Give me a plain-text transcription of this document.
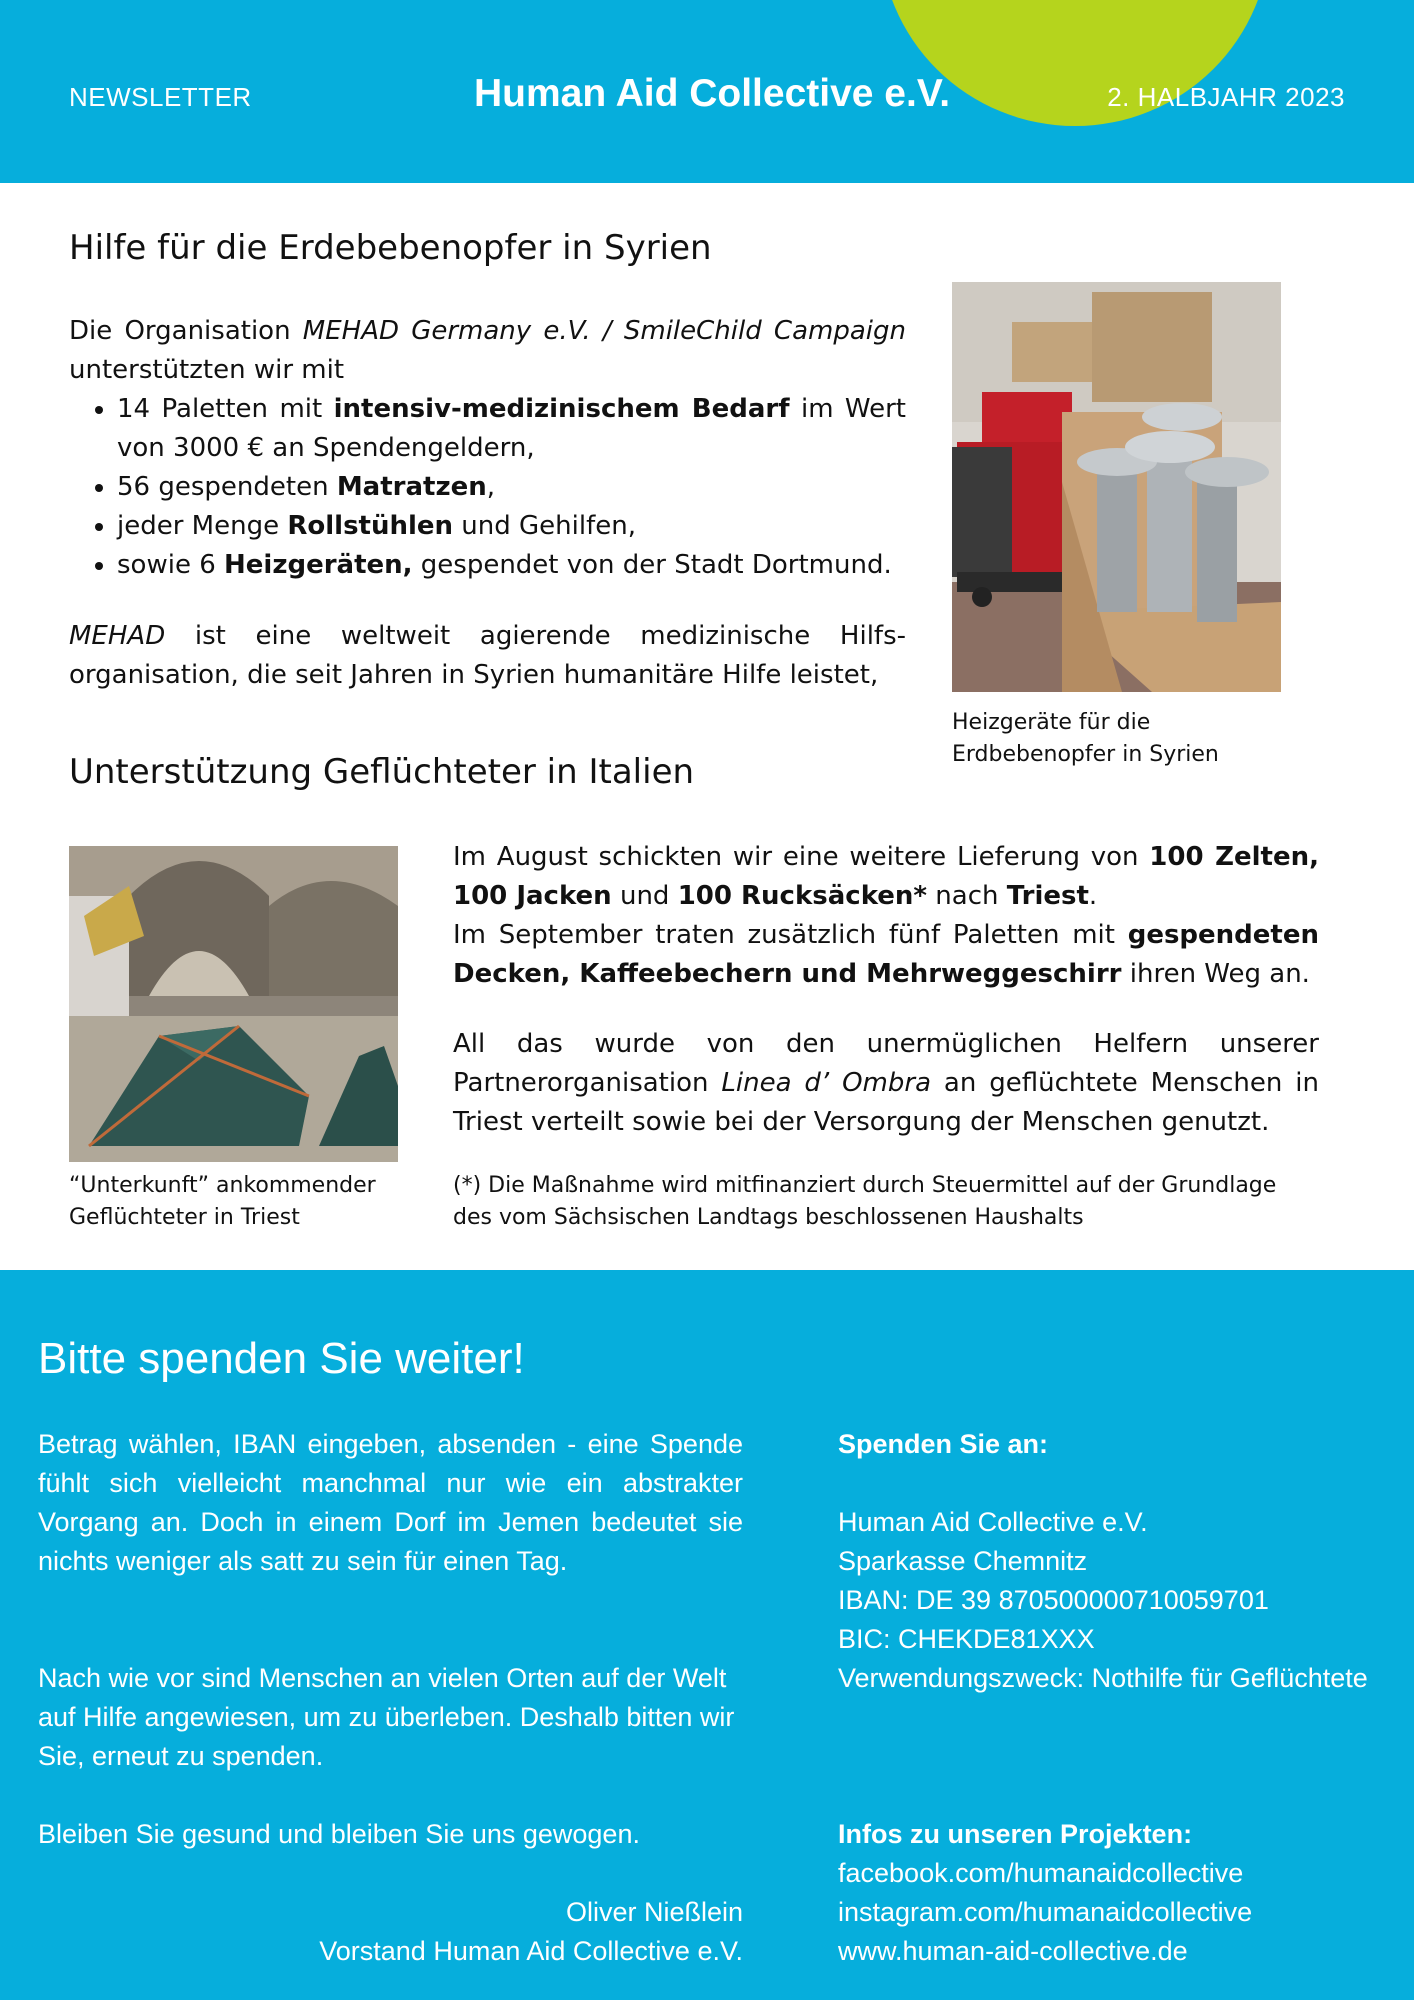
NEWSLETTER	Human Aid Collective e.V.	2. HALBJAHR 2023
Hilfe für die Erdebebenopfer in Syrien

Die Organisation MEHAD Germany e.V. / SmileChild Campaign unterstützten wir mit

• 14 Paletten mit intensiv-medizinischem Bedarf im Wert von 3000 € an Spendengeldern,
• 56 gespendeten Matratzen,
• jeder Menge Rollstühlen und Gehilfen,
• sowie 6 Heizgeräten, gespendet von der Stadt Dortmund.

MEHAD ist eine weltweit agierende medizinische Hilfs-organisation, die seit Jahren in Syrien humanitäre Hilfe leistet,

Heizgeräte für die Erdbebenopfer in Syrien

Unterstützung Geflüchteter in Italien

“Unterkunft” ankommender Geflüchteter in Triest

Im August schickten wir eine weitere Lieferung von 100 Zelten, 100 Jacken und 100 Rucksäcken* nach Triest.
Im September traten zusätzlich fünf Paletten mit gespendeten Decken, Kaffeebechern und Mehrweggeschirr ihren Weg an.

All das wurde von den unermüglichen Helfern unserer Partnerorganisation Linea d’ Ombra an geflüchtete Menschen in Triest verteilt sowie bei der Versorgung der Menschen genutzt.

(*) Die Maßnahme wird mitfinanziert durch Steuermittel auf der Grundlage des vom Sächsischen Landtags beschlossenen Haushalts

Bitte spenden Sie weiter!

Betrag wählen, IBAN eingeben, absenden - eine Spende fühlt sich vielleicht manchmal nur wie ein abstrakter Vorgang an. Doch in einem Dorf im Jemen bedeutet sie nichts weniger als satt zu sein für einen Tag.

Nach wie vor sind Menschen an vielen Orten auf der Welt auf Hilfe angewiesen, um zu überleben. Deshalb bitten wir Sie, erneut zu spenden.

Bleiben Sie gesund und bleiben Sie uns gewogen.

Oliver Nießlein
Vorstand Human Aid Collective e.V.

Spenden Sie an:
Human Aid Collective e.V.
Sparkasse Chemnitz
IBAN: DE 39 870500000710059701
BIC: CHEKDE81XXX
Verwendungszweck: Nothilfe für Geflüchtete
Infos zu unseren Projekten:
facebook.com/humanaidcollective
instagram.com/humanaidcollective
www.human-aid-collective.de
